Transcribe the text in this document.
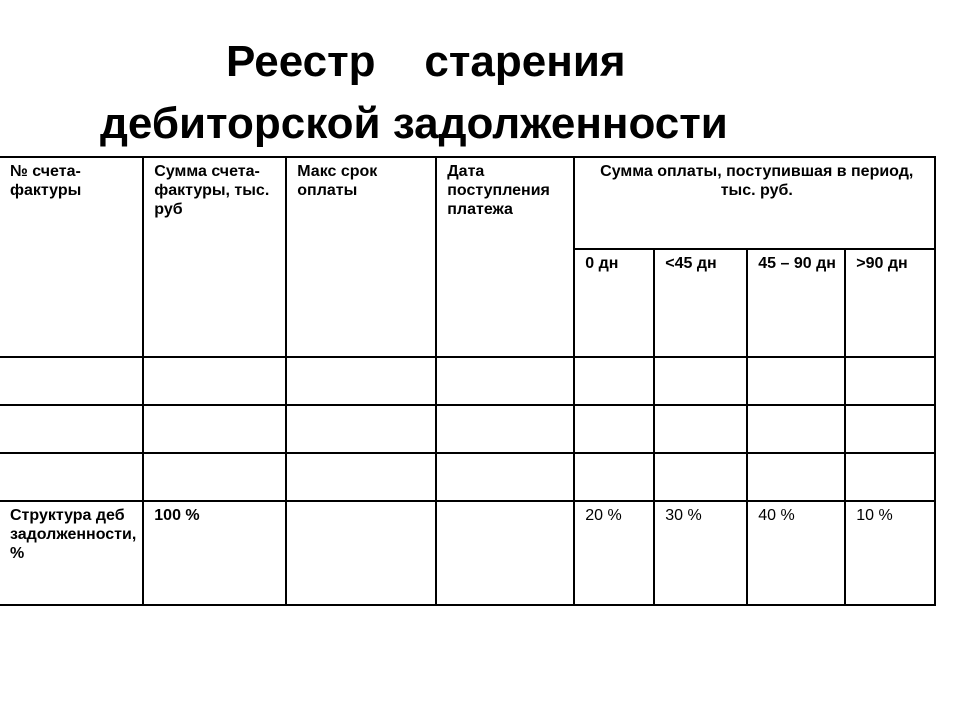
Реестр    старения
дебиторской задолженности
№ счета-фактуры	Сумма счета-фактуры, тыс. руб	Макс срок оплаты	Дата поступления платежа	Сумма оплаты, поступившая в период, тыс. руб.			
				0 дн	<45 дн	45 – 90 дн	>90 дн

Структура деб задолженности, %	100 %			20 %	30 %	40 %	10 %
